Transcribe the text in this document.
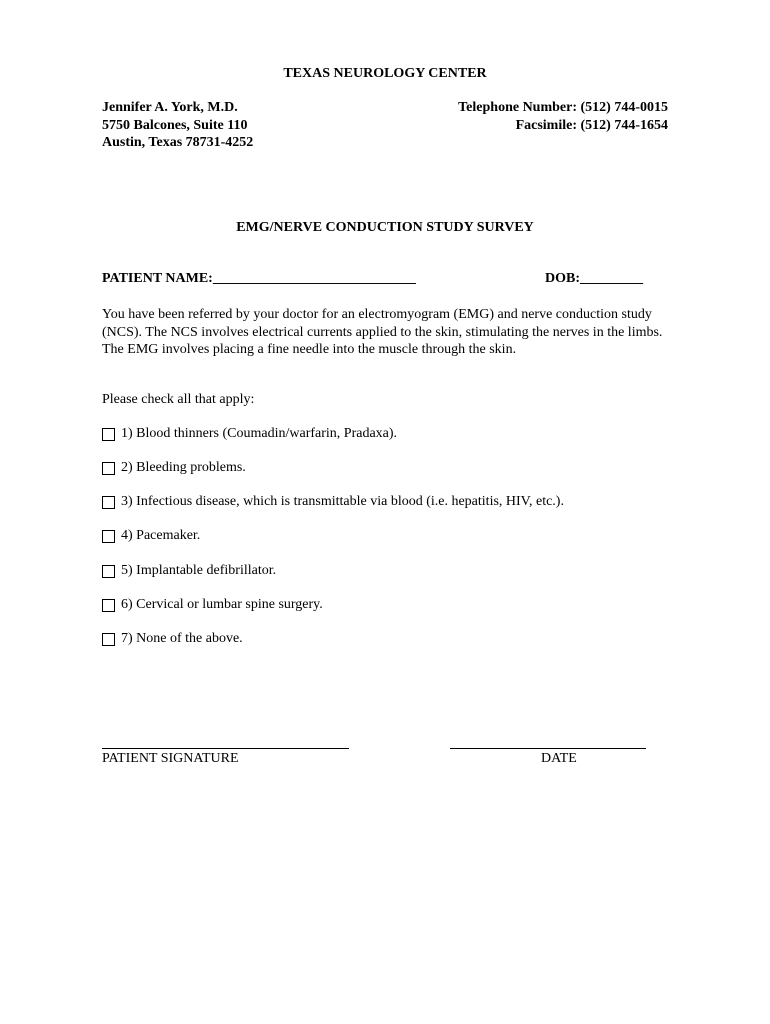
TEXAS NEUROLOGY CENTER
Jennifer A. York, M.D.
5750 Balcones, Suite 110
Austin, Texas 78731-4252
Telephone Number: (512) 744-0015
Facsimile: (512) 744-1654
EMG/NERVE CONDUCTION STUDY SURVEY
PATIENT NAME:_____________________________	DOB:_________
You have been referred by your doctor for an electromyogram (EMG) and nerve conduction study (NCS). The NCS involves electrical currents applied to the skin, stimulating the nerves in the limbs. The EMG involves placing a fine needle into the muscle through the skin.
Please check all that apply:
1) Blood thinners (Coumadin/warfarin, Pradaxa).
2) Bleeding problems.
3) Infectious disease, which is transmittable via blood (i.e. hepatitis, HIV, etc.).
4) Pacemaker.
5) Implantable defibrillator.
6) Cervical or lumbar spine surgery.
7) None of the above.
PATIENT SIGNATURE	DATE
